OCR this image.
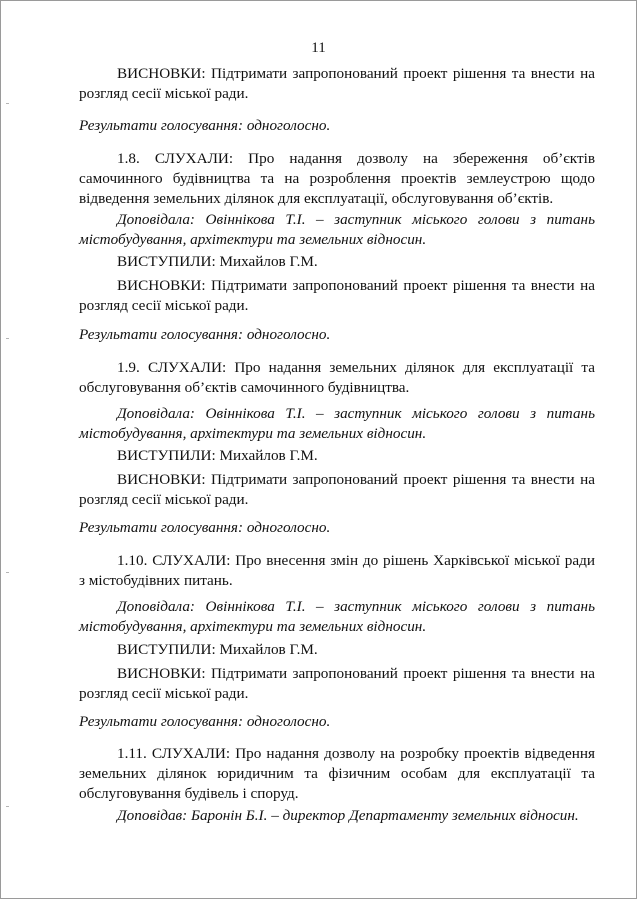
11
ВИСНОВКИ: Підтримати запропонований проект рішення та внести на розгляд сесії міської ради.
Результати голосування: одноголосно.
1.8. СЛУХАЛИ: Про надання дозволу на збереження об’єктів самочинного будівництва та на розроблення проектів землеустрою щодо відведення земельних ділянок для експлуатації, обслуговування об’єктів.
Доповідала: Овіннікова Т.І. – заступник міського голови з питань містобудування, архітектури та земельних відносин.
ВИСТУПИЛИ: Михайлов Г.М.
ВИСНОВКИ: Підтримати запропонований проект рішення та внести на розгляд сесії міської ради.
Результати голосування: одноголосно.
1.9. СЛУХАЛИ: Про надання земельних ділянок для експлуатації та обслуговування об’єктів самочинного будівництва.
Доповідала: Овіннікова Т.І. – заступник міського голови з питань містобудування, архітектури та земельних відносин.
ВИСТУПИЛИ: Михайлов Г.М.
ВИСНОВКИ: Підтримати запропонований проект рішення та внести на розгляд сесії міської ради.
Результати голосування: одноголосно.
1.10. СЛУХАЛИ: Про внесення змін до рішень Харківської міської ради з містобудівних питань.
Доповідала: Овіннікова Т.І. – заступник міського голови з питань містобудування, архітектури та земельних відносин.
ВИСТУПИЛИ: Михайлов Г.М.
ВИСНОВКИ: Підтримати запропонований проект рішення та внести на розгляд сесії міської ради.
Результати голосування: одноголосно.
1.11. СЛУХАЛИ: Про надання дозволу на розробку проектів відведення земельних ділянок юридичним та фізичним особам для експлуатації та обслуговування будівель і споруд.
Доповідав: Баронін Б.І. – директор Департаменту земельних відносин.
